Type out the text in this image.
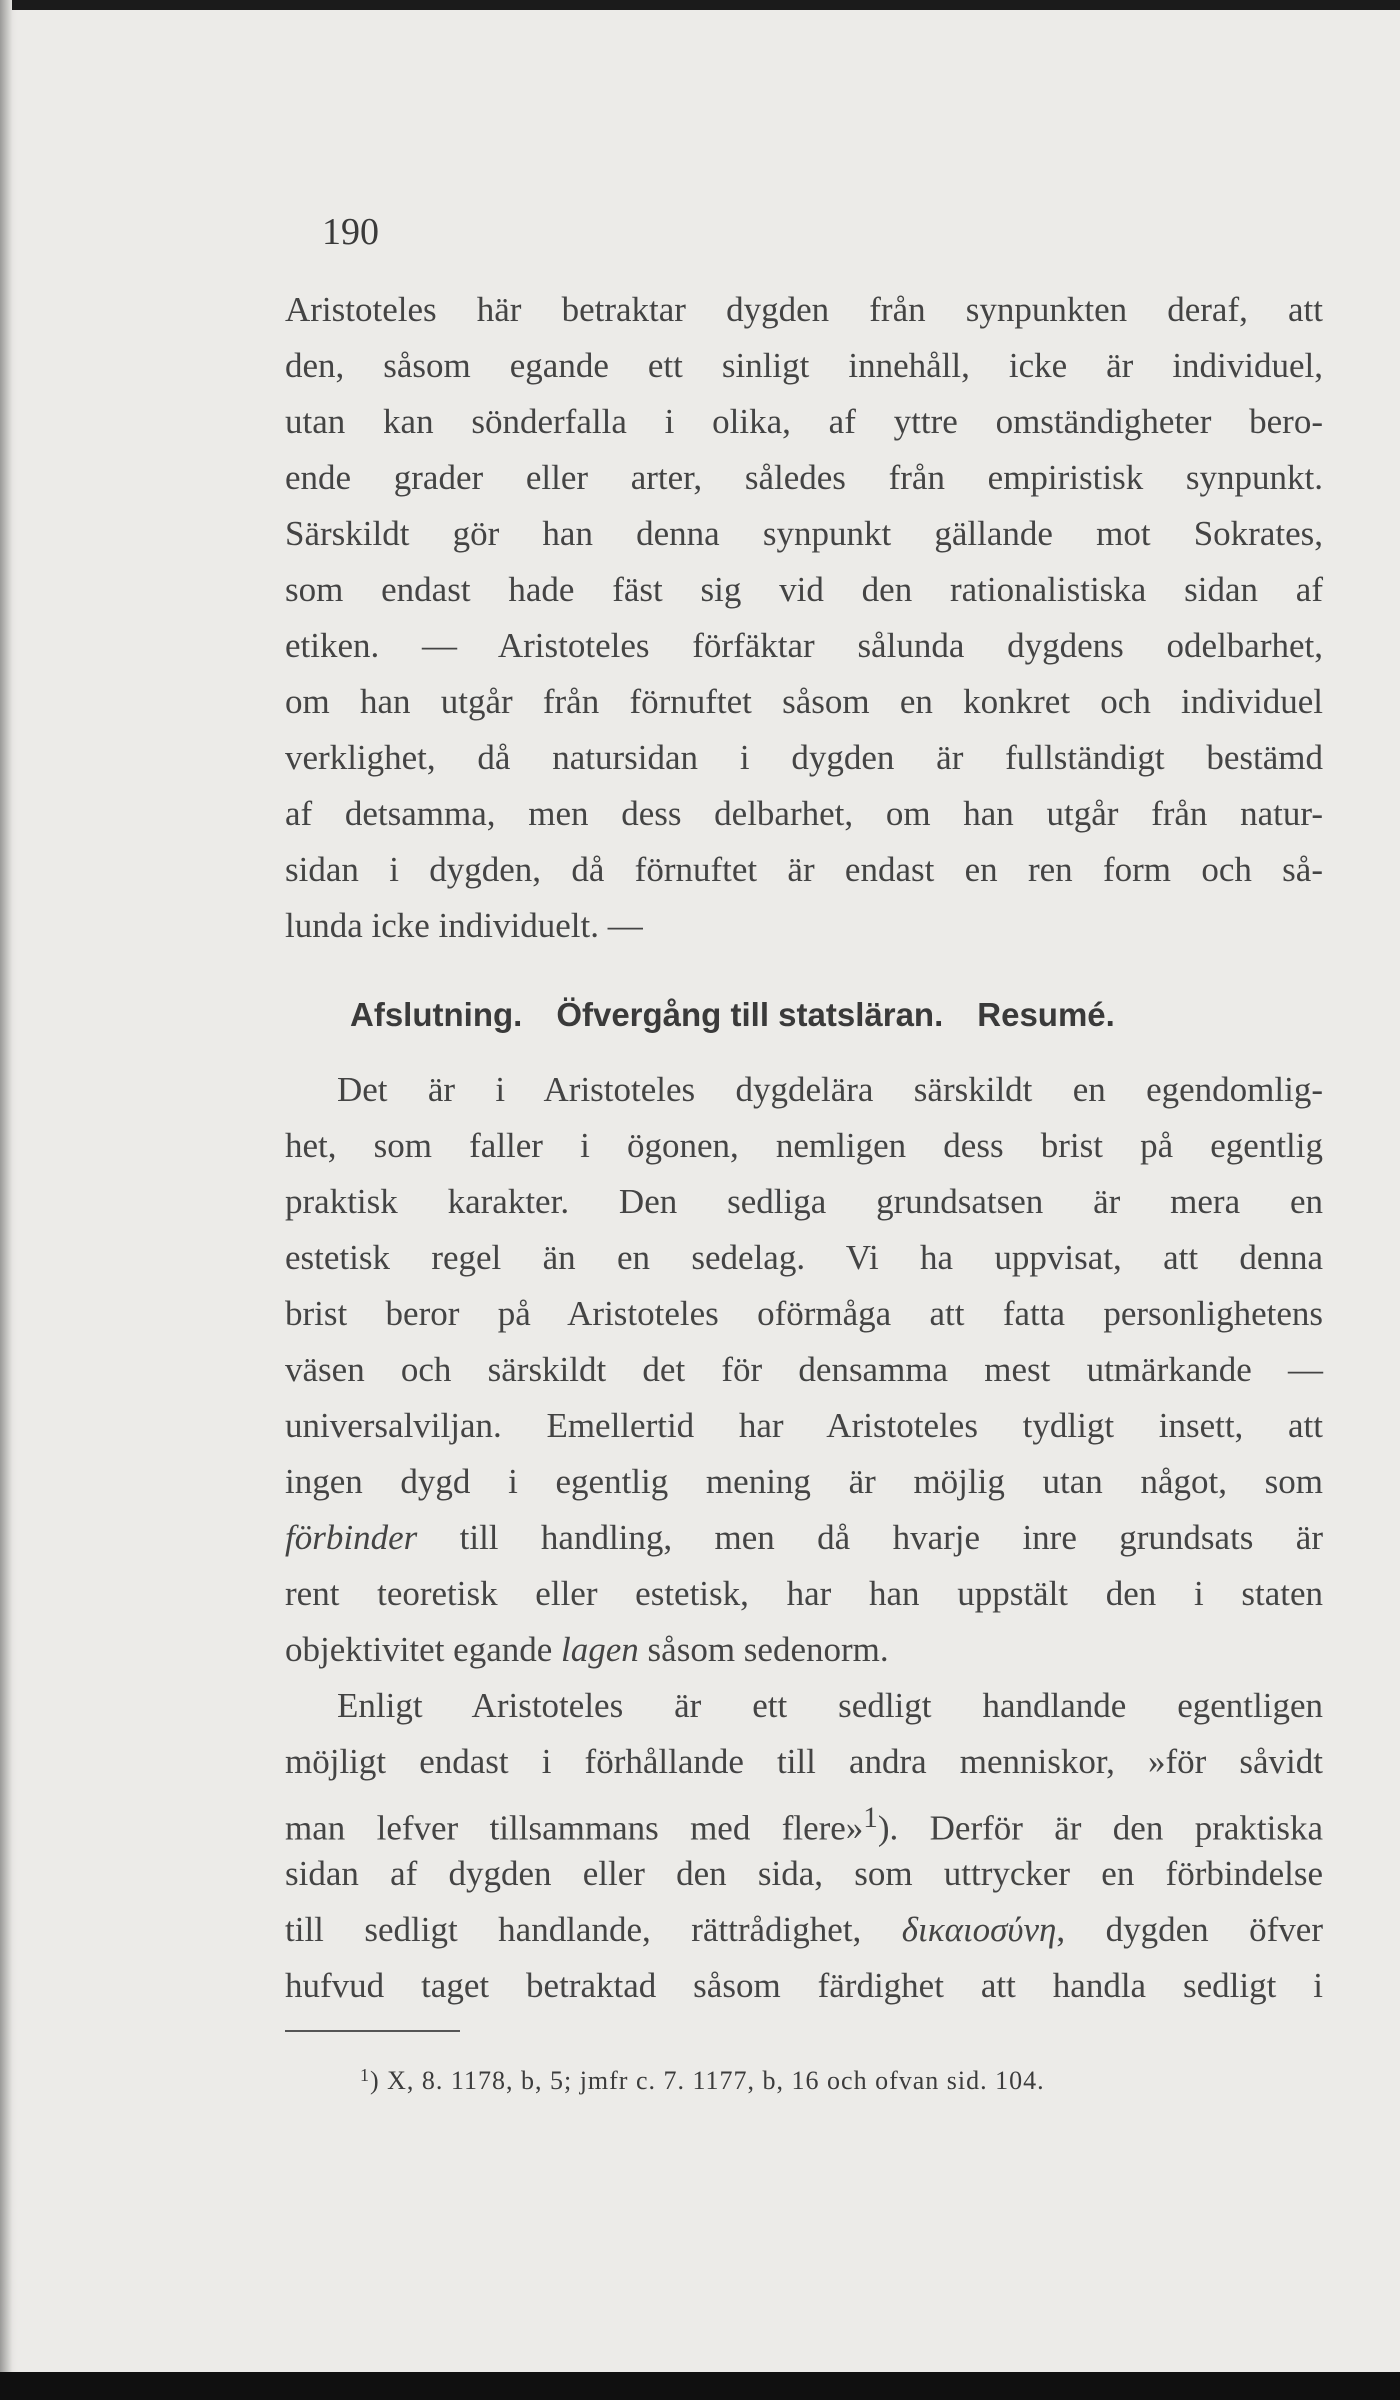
190
Aristoteles här betraktar dygden från synpunkten deraf, att
den, såsom egande ett sinligt innehåll, icke är individuel,
utan kan sönderfalla i olika, af yttre omständigheter bero-
ende grader eller arter, således från empiristisk synpunkt.
Särskildt gör han denna synpunkt gällande mot Sokrates,
som endast hade fäst sig vid den rationalistiska sidan af
etiken. — Aristoteles förfäktar sålunda dygdens odelbarhet,
om han utgår från förnuftet såsom en konkret och individuel
verklighet, då natursidan i dygden är fullständigt bestämd
af detsamma, men dess delbarhet, om han utgår från natur-
sidan i dygden, då förnuftet är endast en ren form och så-
lunda icke individuelt. —
Afslutning. Öfvergång till statsläran. Resumé.
Det är i Aristoteles dygdelära särskildt en egendomlig-
het, som faller i ögonen, nemligen dess brist på egentlig
praktisk karakter. Den sedliga grundsatsen är mera en
estetisk regel än en sedelag. Vi ha uppvisat, att denna
brist beror på Aristoteles oförmåga att fatta personlighetens
väsen och särskildt det för densamma mest utmärkande —
universalviljan. Emellertid har Aristoteles tydligt insett, att
ingen dygd i egentlig mening är möjlig utan något, som
förbinder till handling, men då hvarje inre grundsats är
rent teoretisk eller estetisk, har han uppstält den i staten
objektivitet egande lagen såsom sedenorm.
Enligt Aristoteles är ett sedligt handlande egentligen
möjligt endast i förhållande till andra menniskor, »för såvidt
man lefver tillsammans med flere»$^1$). Derför är den praktiska
sidan af dygden eller den sida, som uttrycker en förbindelse
till sedligt handlande, rättrådighet, δικαιοσύνη, dygden öfver
hufvud taget betraktad såsom färdighet att handla sedligt i
$^1$) X, 8. 1178, b, 5; jmfr c. 7. 1177, b, 16 och ofvan sid. 104.
